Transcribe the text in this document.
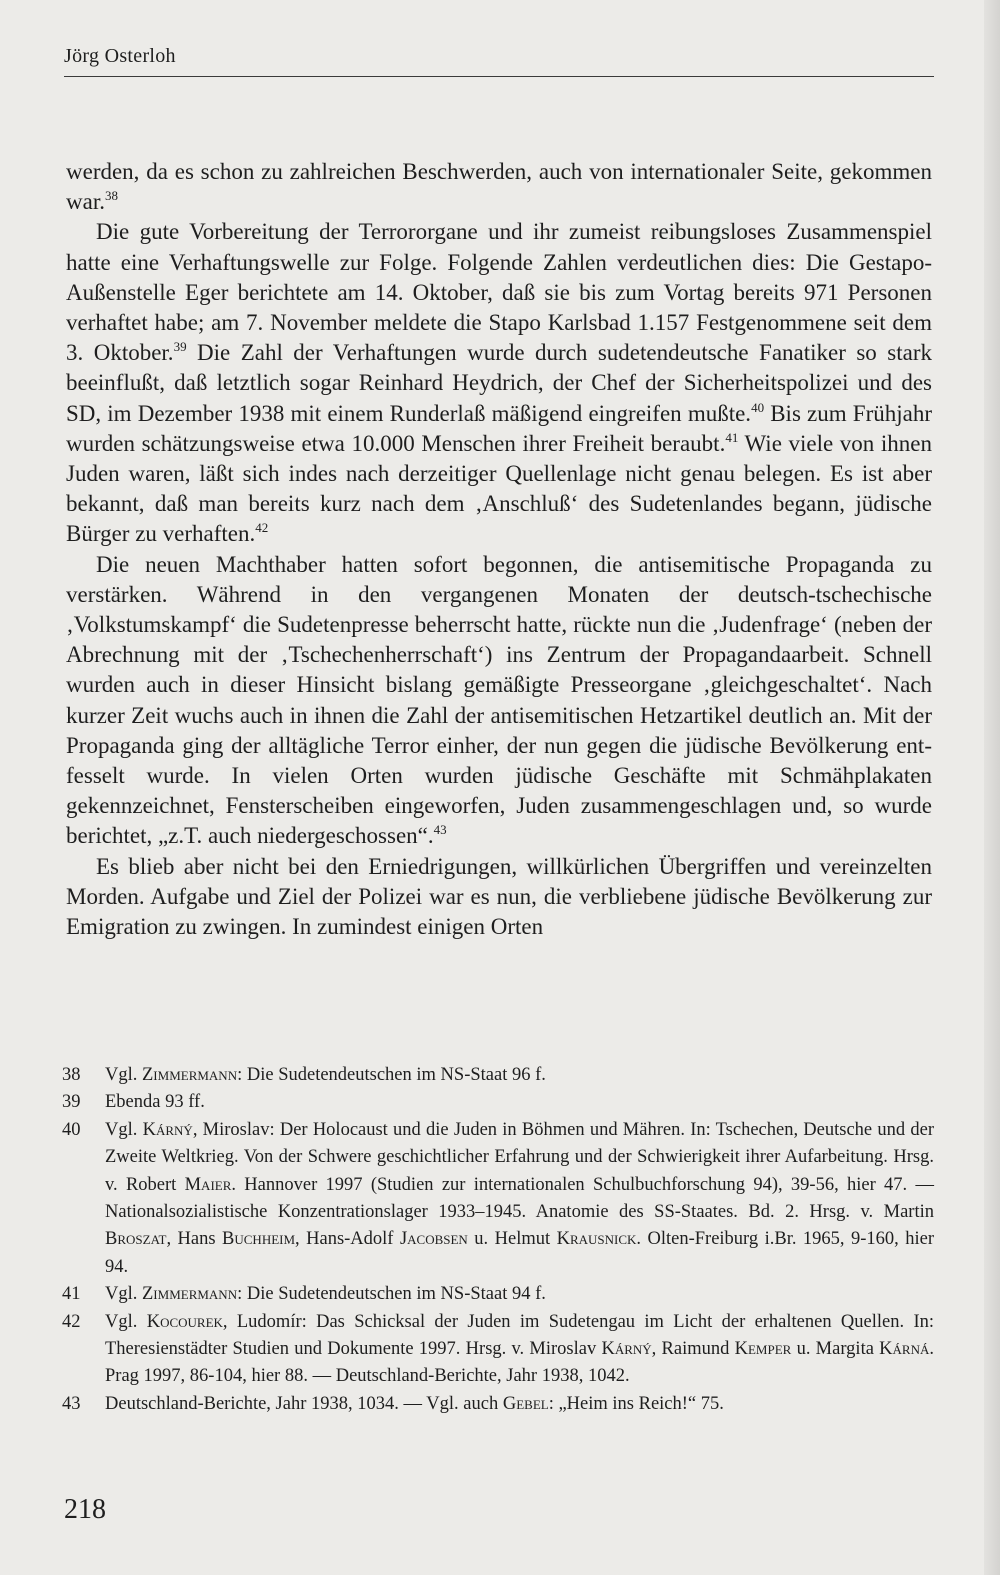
Jörg Osterloh

werden, da es schon zu zahlreichen Beschwerden, auch von internationaler Seite, gekommen war.$^{38}$

Die gute Vorbereitung der Terrororgane und ihr zumeist reibungsloses Zusammenspiel hatte eine Verhaftungswelle zur Folge. Folgende Zahlen verdeutlichen dies: Die Gestapo-Außenstelle Eger berichtete am 14. Oktober, daß sie bis zum Vortag bereits 971 Personen verhaftet habe; am 7. November meldete die Stapo Karlsbad 1.157 Festgenommene seit dem 3. Oktober.$^{39}$ Die Zahl der Verhaftungen wurde durch sudetendeutsche Fanatiker so stark beeinflußt, daß letztlich sogar Reinhard Heydrich, der Chef der Sicherheitspolizei und des SD, im Dezember 1938 mit einem Runderlaß mäßigend eingreifen mußte.$^{40}$ Bis zum Frühjahr wurden schätzungsweise etwa 10.000 Menschen ihrer Freiheit beraubt.$^{41}$ Wie viele von ihnen Juden waren, läßt sich indes nach derzeitiger Quellenlage nicht genau belegen. Es ist aber bekannt, daß man bereits kurz nach dem ‚Anschluß‘ des Sudetenlandes begann, jüdische Bürger zu verhaften.$^{42}$

Die neuen Machthaber hatten sofort begonnen, die antisemitische Propaganda zu verstärken. Während in den vergangenen Monaten der deutsch-tschechische ‚Volkstumskampf‘ die Sudetenpresse beherrscht hatte, rückte nun die ‚Judenfrage‘ (neben der Abrechnung mit der ‚Tschechenherrschaft‘) ins Zentrum der Propagandaarbeit. Schnell wurden auch in dieser Hinsicht bislang gemäßigte Presseorgane ‚gleichgeschaltet‘. Nach kurzer Zeit wuchs auch in ihnen die Zahl der antisemitischen Hetzartikel deutlich an. Mit der Propaganda ging der alltägliche Terror einher, der nun gegen die jüdische Bevölkerung entfesselt wurde. In vielen Orten wurden jüdische Geschäfte mit Schmähplakaten gekennzeichnet, Fensterscheiben eingeworfen, Juden zusammengeschlagen und, so wurde berichtet, „z.T. auch niedergeschossen“.$^{43}$

Es blieb aber nicht bei den Erniedrigungen, willkürlichen Übergriffen und vereinzelten Morden. Aufgabe und Ziel der Polizei war es nun, die verbliebene jüdische Bevölkerung zur Emigration zu zwingen. In zumindest einigen Orten

38	Vgl. Zimmermann: Die Sudetendeutschen im NS-Staat 96 f.
39	Ebenda 93 ff.
40	Vgl. Kárný, Miroslav: Der Holocaust und die Juden in Böhmen und Mähren. In: Tschechen, Deutsche und der Zweite Weltkrieg. Von der Schwere geschichtlicher Erfahrung und der Schwierigkeit ihrer Aufarbeitung. Hrsg. v. Robert Maier. Hannover 1997 (Studien zur internationalen Schulbuchforschung 94), 39-56, hier 47. — Nationalsozialistische Konzentrationslager 1933–1945. Anatomie des SS-Staates. Bd. 2. Hrsg. v. Martin Broszat, Hans Buchheim, Hans-Adolf Jacobsen u. Helmut Krausnick. Olten-Freiburg i.Br. 1965, 9-160, hier 94.
41	Vgl. Zimmermann: Die Sudetendeutschen im NS-Staat 94 f.
42	Vgl. Kocourek, Ludomír: Das Schicksal der Juden im Sudetengau im Licht der erhaltenen Quellen. In: Theresienstädter Studien und Dokumente 1997. Hrsg. v. Miroslav Kárný, Raimund Kemper u. Margita Kárná. Prag 1997, 86-104, hier 88. — Deutschland-Berichte, Jahr 1938, 1042.
43	Deutschland-Berichte, Jahr 1938, 1034. — Vgl. auch Gebel: „Heim ins Reich!“ 75.
218
